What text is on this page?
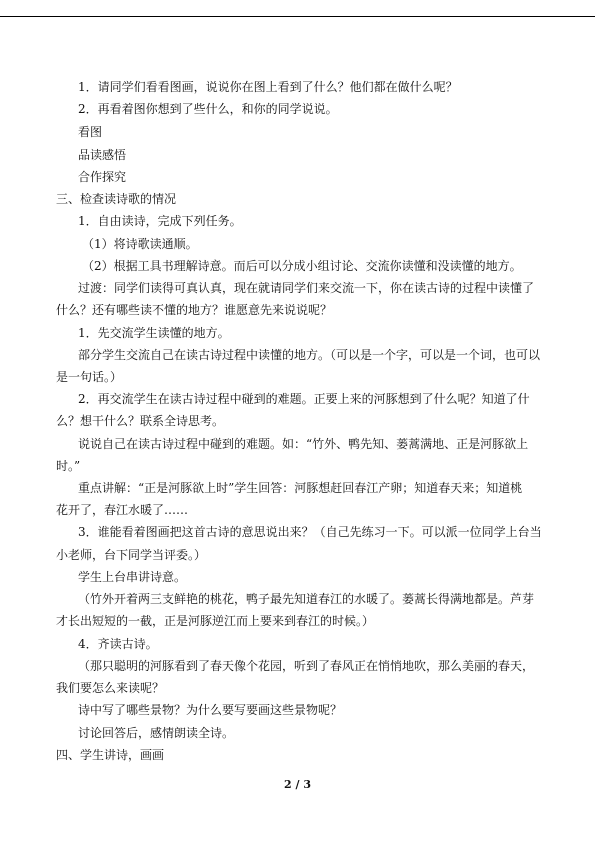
1．请同学们看看图画，说说你在图上看到了什么？他们都在做什么呢？
2．再看着图你想到了些什么，和你的同学说说。
看图
品读感悟
合作探究
三、检查读诗歌的情况
1．自由读诗，完成下列任务。
（1）将诗歌读通顺。
（2）根据工具书理解诗意。而后可以分成小组讨论、交流你读懂和没读懂的地方。
过渡：同学们读得可真认真，现在就请同学们来交流一下，你在读古诗的过程中读懂了
什么？还有哪些读不懂的地方？谁愿意先来说说呢？
1．先交流学生读懂的地方。
部分学生交流自己在读古诗过程中读懂的地方。（可以是一个字，可以是一个词，也可以
是一句话。）
2．再交流学生在读古诗过程中碰到的难题。正要上来的河豚想到了什么呢？知道了什
么？想干什么？联系全诗思考。
说说自己在读古诗过程中碰到的难题。如：“竹外、鸭先知、蒌蒿满地、正是河豚欲上
时。”
重点讲解：“正是河豚欲上时”学生回答：河豚想赶回春江产卵；知道春天来；知道桃
花开了，春江水暖了……
3．谁能看着图画把这首古诗的意思说出来？（自己先练习一下。可以派一位同学上台当
小老师，台下同学当评委。）
学生上台串讲诗意。
（竹外开着两三支鲜艳的桃花，鸭子最先知道春江的水暖了。蒌蒿长得满地都是。芦芽
才长出短短的一截，正是河豚逆江而上要来到春江的时候。）
4．齐读古诗。
（那只聪明的河豚看到了春天像个花园，听到了春风正在悄悄地吹，那么美丽的春天，
我们要怎么来读呢？
诗中写了哪些景物？为什么要写要画这些景物呢？
讨论回答后，感情朗读全诗。
四、学生讲诗，画画
2 / 3
